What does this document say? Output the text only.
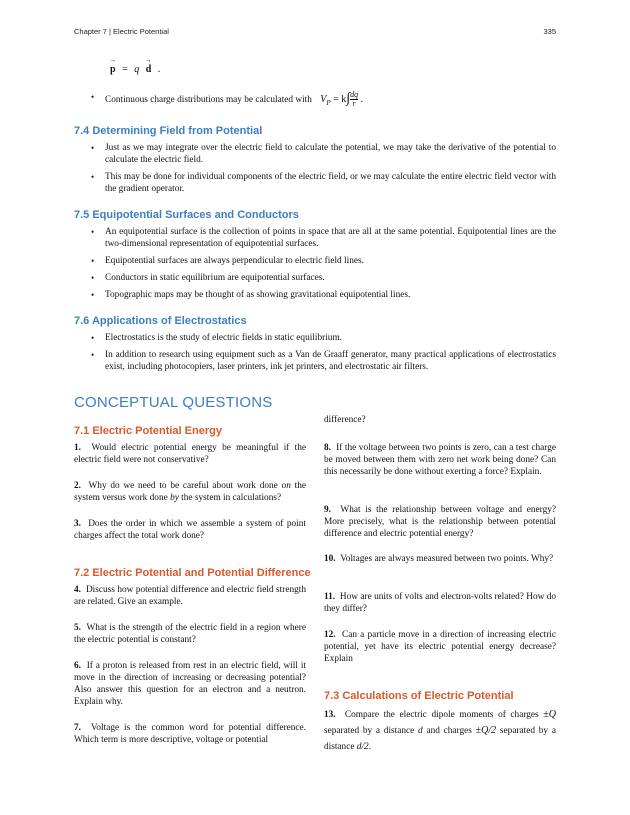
Chapter 7 | Electric Potential	335
→ p = q → d .
• Continuous charge distributions may be calculated with $V_P = k\int \frac{dq}{r}$ .
7.4 Determining Field from Potential
• Just as we may integrate over the electric field to calculate the potential, we may take the derivative of the potential to calculate the electric field.
• This may be done for individual components of the electric field, or we may calculate the entire electric field vector with the gradient operator.
7.5 Equipotential Surfaces and Conductors
• An equipotential surface is the collection of points in space that are all at the same potential. Equipotential lines are the two-dimensional representation of equipotential surfaces.
• Equipotential surfaces are always perpendicular to electric field lines.
• Conductors in static equilibrium are equipotential surfaces.
• Topographic maps may be thought of as showing gravitational equipotential lines.
7.6 Applications of Electrostatics
• Electrostatics is the study of electric fields in static equilibrium.
• In addition to research using equipment such as a Van de Graaff generator, many practical applications of electrostatics exist, including photocopiers, laser printers, ink jet printers, and electrostatic air filters.
CONCEPTUAL QUESTIONS
7.1 Electric Potential Energy
1. Would electric potential energy be meaningful if the electric field were not conservative?
2. Why do we need to be careful about work done on the system versus work done by the system in calculations?
3. Does the order in which we assemble a system of point charges affect the total work done?
7.2 Electric Potential and Potential Difference
4. Discuss how potential difference and electric field strength are related. Give an example.
5. What is the strength of the electric field in a region where the electric potential is constant?
6. If a proton is released from rest in an electric field, will it move in the direction of increasing or decreasing potential? Also answer this question for an electron and a neutron. Explain why.
7. Voltage is the common word for potential difference. Which term is more descriptive, voltage or potential
difference?
8. If the voltage between two points is zero, can a test charge be moved between them with zero net work being done? Can this necessarily be done without exerting a force? Explain.
9. What is the relationship between voltage and energy? More precisely, what is the relationship between potential difference and electric potential energy?
10. Voltages are always measured between two points. Why?
11. How are units of volts and electron-volts related? How do they differ?
12. Can a particle move in a direction of increasing electric potential, yet have its electric potential energy decrease? Explain
7.3 Calculations of Electric Potential
13. Compare the electric dipole moments of charges ±Q separated by a distance d and charges ±Q/2 separated by a distance d/2.
